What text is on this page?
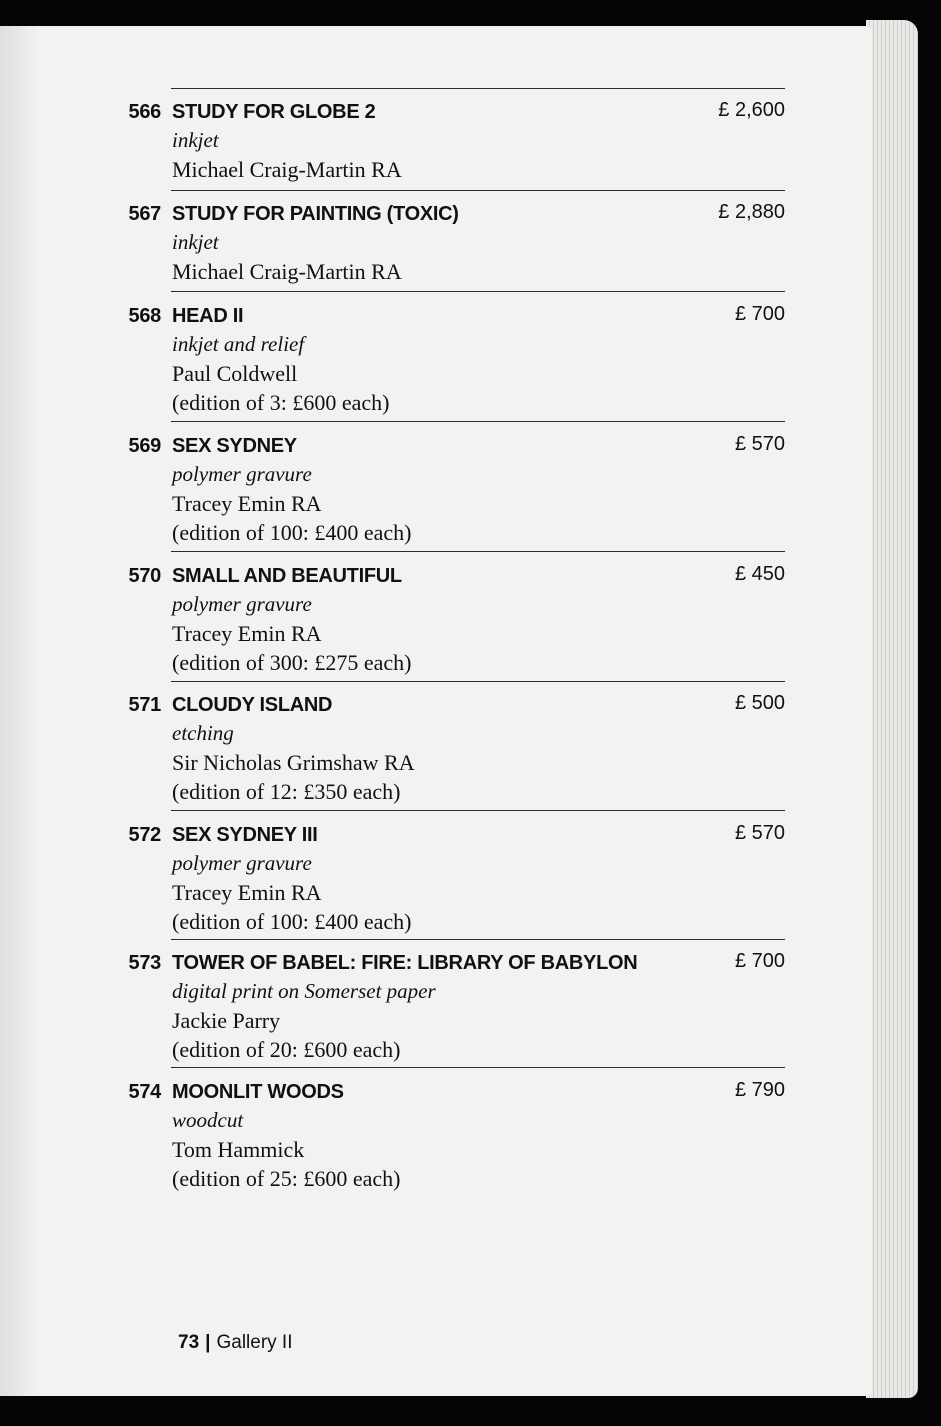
566 STUDY FOR GLOBE 2	£ 2,600
inkjet
Michael Craig-Martin RA
567 STUDY FOR PAINTING (TOXIC)	£ 2,880
inkjet
Michael Craig-Martin RA
568 HEAD II	£ 700
inkjet and relief
Paul Coldwell
(edition of 3: £600 each)
569 SEX SYDNEY	£ 570
polymer gravure
Tracey Emin RA
(edition of 100: £400 each)
570 SMALL AND BEAUTIFUL	£ 450
polymer gravure
Tracey Emin RA
(edition of 300: £275 each)
571 CLOUDY ISLAND	£ 500
etching
Sir Nicholas Grimshaw RA
(edition of 12: £350 each)
572 SEX SYDNEY III	£ 570
polymer gravure
Tracey Emin RA
(edition of 100: £400 each)
573 TOWER OF BABEL: FIRE: LIBRARY OF BABYLON	£ 700
digital print on Somerset paper
Jackie Parry
(edition of 20: £600 each)
574 MOONLIT WOODS	£ 790
woodcut
Tom Hammick
(edition of 25: £600 each)
73 | Gallery II
